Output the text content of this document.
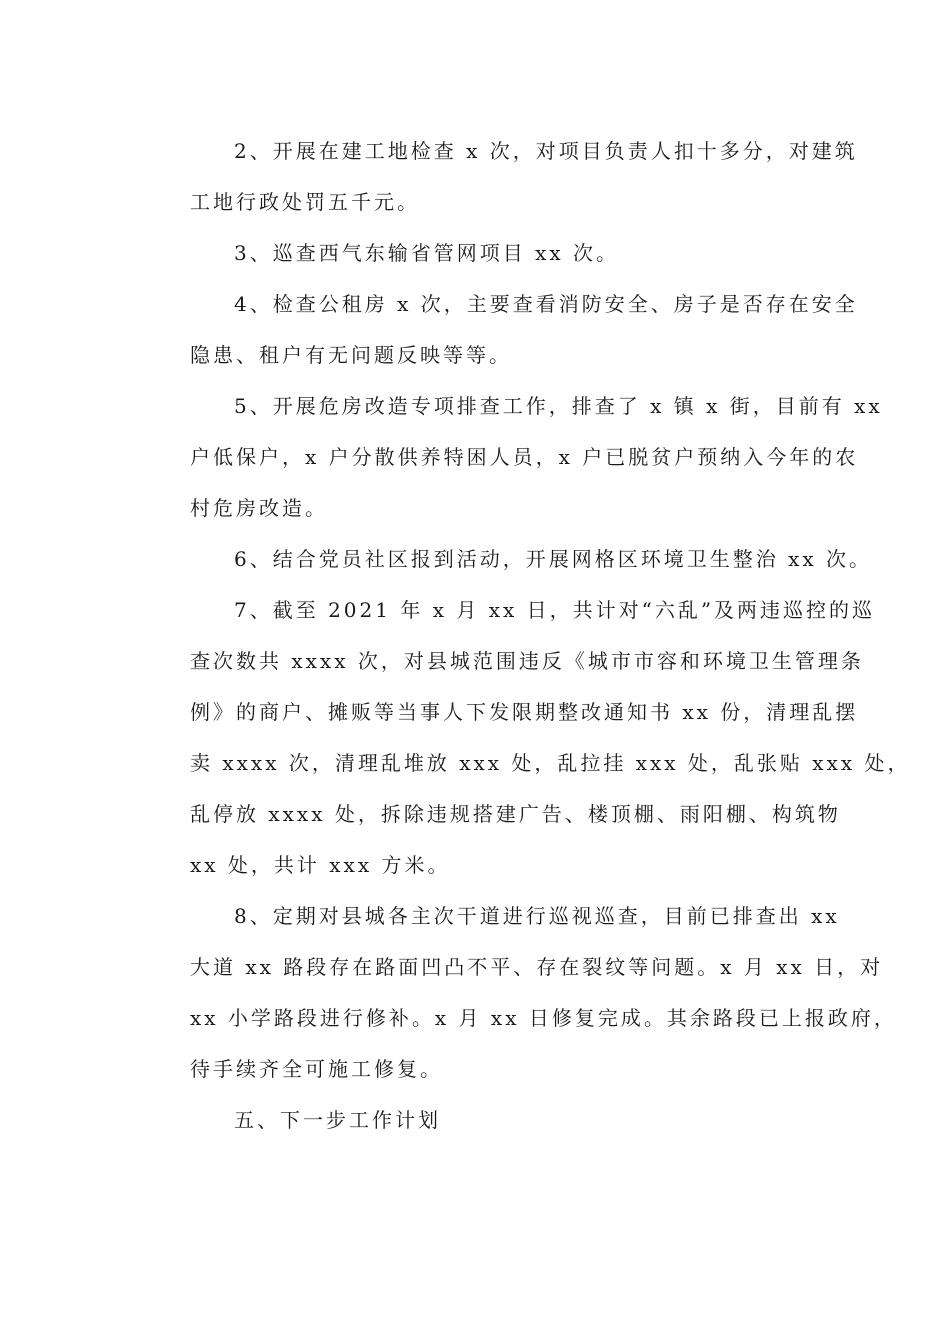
2、开展在建工地检查 x 次，对项目负责人扣十多分，对建筑
工地行政处罚五千元。
3、巡查西气东输省管网项目 xx 次。
4、检查公租房 x 次，主要查看消防安全、房子是否存在安全
隐患、租户有无问题反映等等。
5、开展危房改造专项排查工作，排查了 x 镇 x 街，目前有 xx
户低保户，x 户分散供养特困人员，x 户已脱贫户预纳入今年的农
村危房改造。
6、结合党员社区报到活动，开展网格区环境卫生整治 xx 次。
7、截至 2021 年 x 月 xx 日，共计对“六乱”及两违巡控的巡
查次数共 xxxx 次，对县城范围违反《城市市容和环境卫生管理条
例》的商户、摊贩等当事人下发限期整改通知书 xx 份，清理乱摆
卖 xxxx 次，清理乱堆放 xxx 处，乱拉挂 xxx 处，乱张贴 xxx 处，
乱停放 xxxx 处，拆除违规搭建广告、楼顶棚、雨阳棚、构筑物
xx 处，共计 xxx 方米。
8、定期对县城各主次干道进行巡视巡查，目前已排查出 xx
大道 xx 路段存在路面凹凸不平、存在裂纹等问题。x 月 xx 日，对
xx 小学路段进行修补。x 月 xx 日修复完成。其余路段已上报政府，
待手续齐全可施工修复。
五、下一步工作计划
